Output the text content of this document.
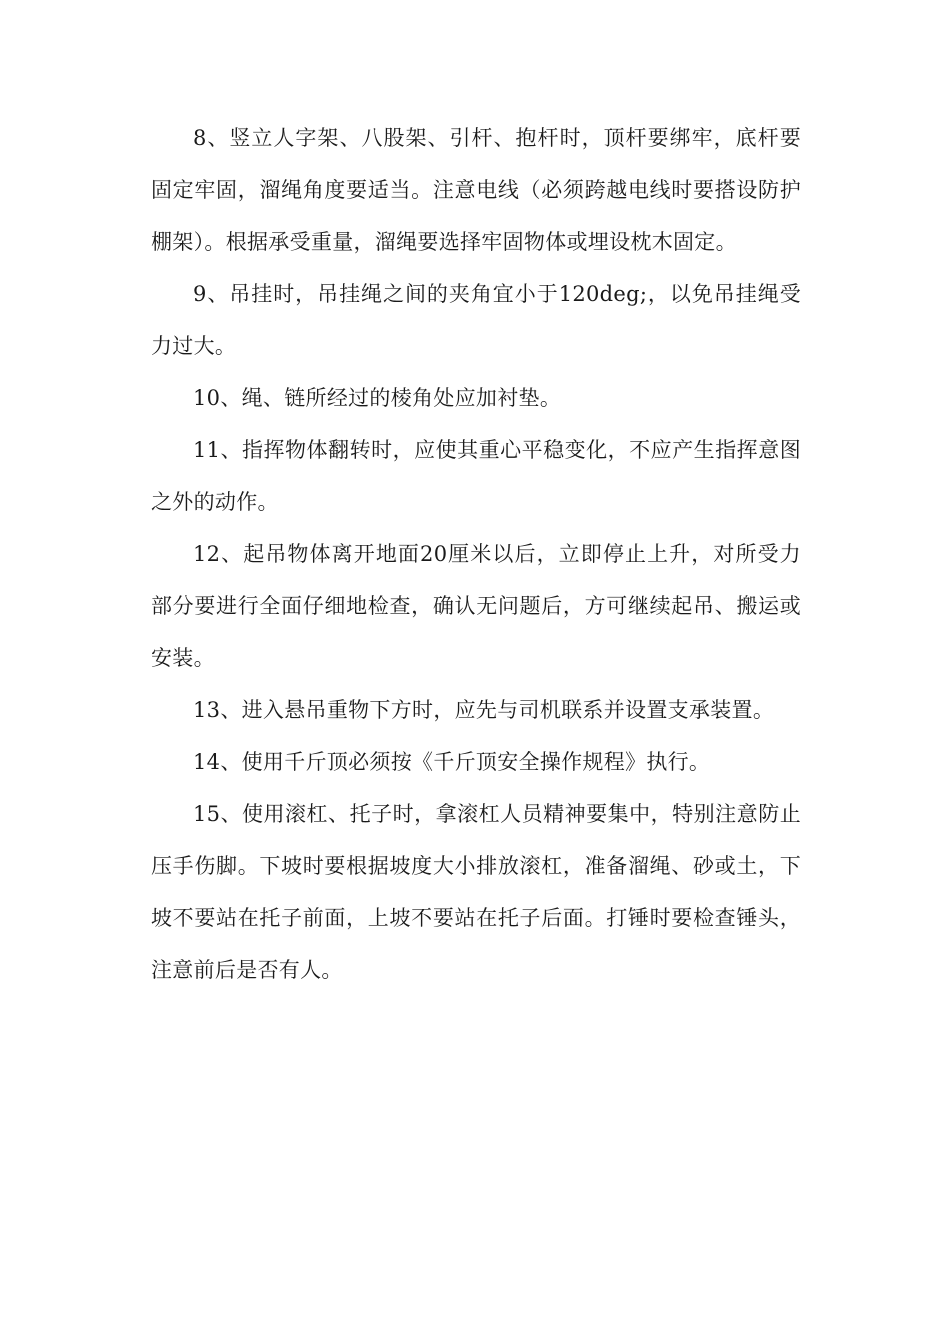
8、竖立人字架、八股架、引杆、抱杆时，顶杆要绑牢，底杆要固定牢固，溜绳角度要适当。注意电线（必须跨越电线时要搭设防护棚架）。根据承受重量，溜绳要选择牢固物体或埋设枕木固定。

9、吊挂时，吊挂绳之间的夹角宜小于120deg;，以免吊挂绳受力过大。

10、绳、链所经过的棱角处应加衬垫。

11、指挥物体翻转时，应使其重心平稳变化，不应产生指挥意图之外的动作。

12、起吊物体离开地面20厘米以后，立即停止上升，对所受力部分要进行全面仔细地检查，确认无问题后，方可继续起吊、搬运或安装。

13、进入悬吊重物下方时，应先与司机联系并设置支承装置。

14、使用千斤顶必须按《千斤顶安全操作规程》执行。

15、使用滚杠、托子时，拿滚杠人员精神要集中，特别注意防止压手伤脚。下坡时要根据坡度大小排放滚杠，准备溜绳、砂或土，下坡不要站在托子前面，上坡不要站在托子后面。打锤时要检查锤头，注意前后是否有人。
